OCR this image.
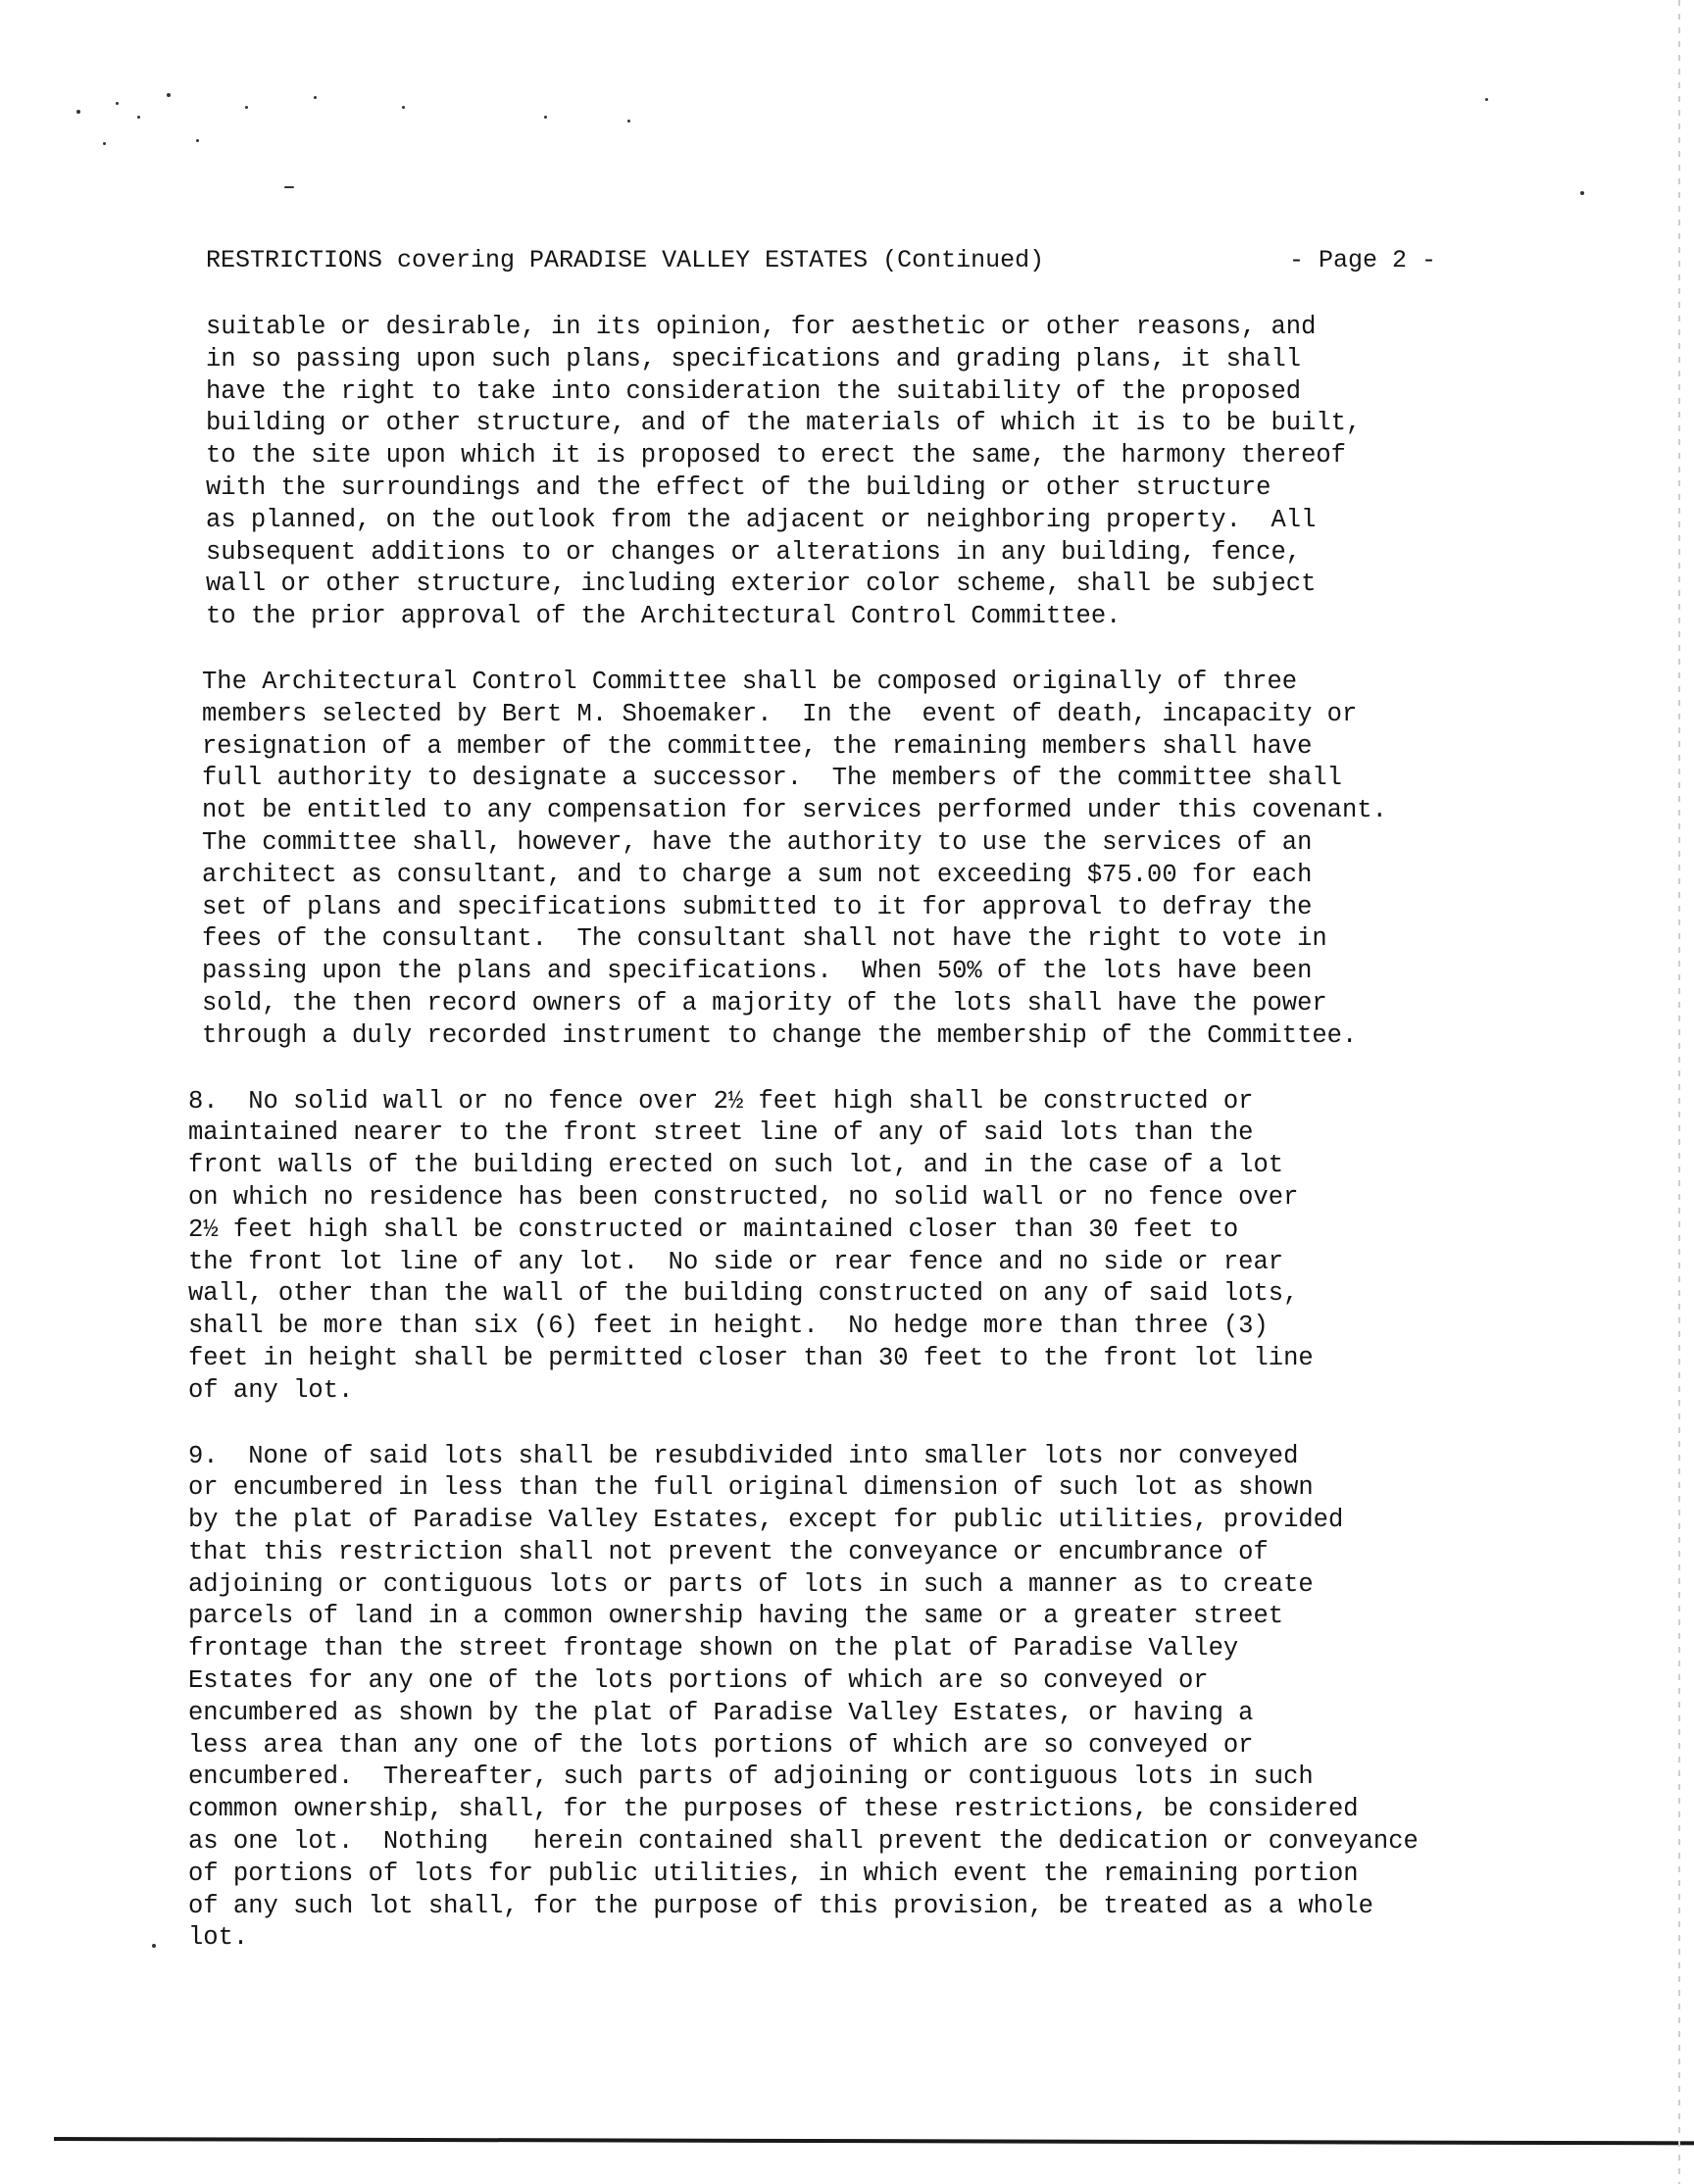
RESTRICTIONS covering PARADISE VALLEY ESTATES (Continued)	- Page 2 -
suitable or desirable, in its opinion, for aesthetic or other reasons, and
in so passing upon such plans, specifications and grading plans, it shall
have the right to take into consideration the suitability of the proposed
building or other structure, and of the materials of which it is to be built,
to the site upon which it is proposed to erect the same, the harmony thereof
with the surroundings and the effect of the building or other structure
as planned, on the outlook from the adjacent or neighboring property.  All
subsequent additions to or changes or alterations in any building, fence,
wall or other structure, including exterior color scheme, shall be subject
to the prior approval of the Architectural Control Committee.
The Architectural Control Committee shall be composed originally of three
members selected by Bert M. Shoemaker.  In the  event of death, incapacity or
resignation of a member of the committee, the remaining members shall have
full authority to designate a successor.  The members of the committee shall
not be entitled to any compensation for services performed under this covenant.
The committee shall, however, have the authority to use the services of an
architect as consultant, and to charge a sum not exceeding $75.00 for each
set of plans and specifications submitted to it for approval to defray the
fees of the consultant.  The consultant shall not have the right to vote in
passing upon the plans and specifications.  When 50% of the lots have been
sold, the then record owners of a majority of the lots shall have the power
through a duly recorded instrument to change the membership of the Committee.
8.  No solid wall or no fence over 2½ feet high shall be constructed or
maintained nearer to the front street line of any of said lots than the
front walls of the building erected on such lot, and in the case of a lot
on which no residence has been constructed, no solid wall or no fence over
2½ feet high shall be constructed or maintained closer than 30 feet to
the front lot line of any lot.  No side or rear fence and no side or rear
wall, other than the wall of the building constructed on any of said lots,
shall be more than six (6) feet in height.  No hedge more than three (3)
feet in height shall be permitted closer than 30 feet to the front lot line
of any lot.
9.  None of said lots shall be resubdivided into smaller lots nor conveyed
or encumbered in less than the full original dimension of such lot as shown
by the plat of Paradise Valley Estates, except for public utilities, provided
that this restriction shall not prevent the conveyance or encumbrance of
adjoining or contiguous lots or parts of lots in such a manner as to create
parcels of land in a common ownership having the same or a greater street
frontage than the street frontage shown on the plat of Paradise Valley
Estates for any one of the lots portions of which are so conveyed or
encumbered as shown by the plat of Paradise Valley Estates, or having a
less area than any one of the lots portions of which are so conveyed or
encumbered.  Thereafter, such parts of adjoining or contiguous lots in such
common ownership, shall, for the purposes of these restrictions, be considered
as one lot.  Nothing   herein contained shall prevent the dedication or conveyance
of portions of lots for public utilities, in which event the remaining portion
of any such lot shall, for the purpose of this provision, be treated as a whole
lot.
